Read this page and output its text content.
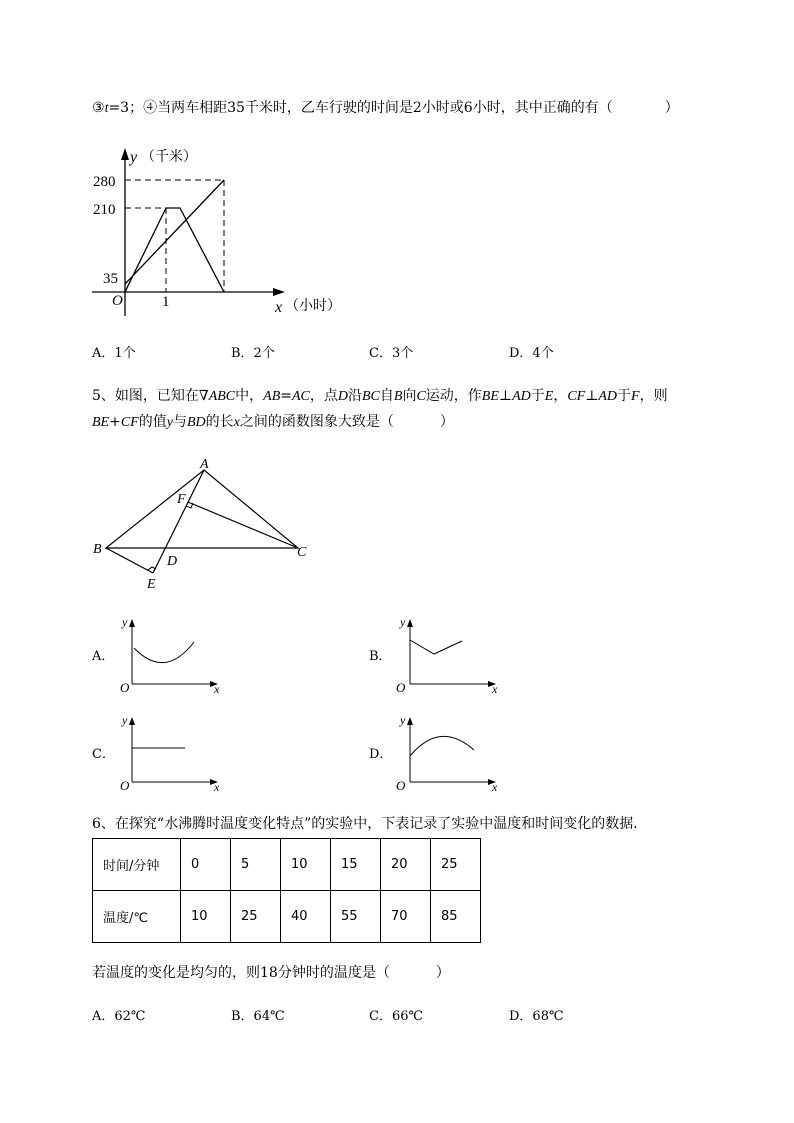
③t=3；④当两车相距35千米时，乙车行驶的时间是2小时或6小时，其中正确的有（	）
y （千米）
280
210
35
O	1	x （小时）
A．1个	B．2个	C．3个	D．4个
5、如图，已知在∇ABC中，AB=AC，点D沿BC自B向C运动，作BE⊥AD于E，CF⊥AD于F，则
BE+CF的值y与BD的长x之间的函数图象大致是（	）
A
B	C
D
E
F
A．
y
O	x
B．
y
O	x
C．
y
O	x
D．
y
O	x
6、在探究“水沸腾时温度变化特点”的实验中，下表记录了实验中温度和时间变化的数据．
时间/分钟	0	5	10	15	20	25
温度/℃	10	25	40	55	70	85
若温度的变化是均匀的，则18分钟时的温度是（	）
A．62℃	B．64℃	C．66℃	D．68℃
